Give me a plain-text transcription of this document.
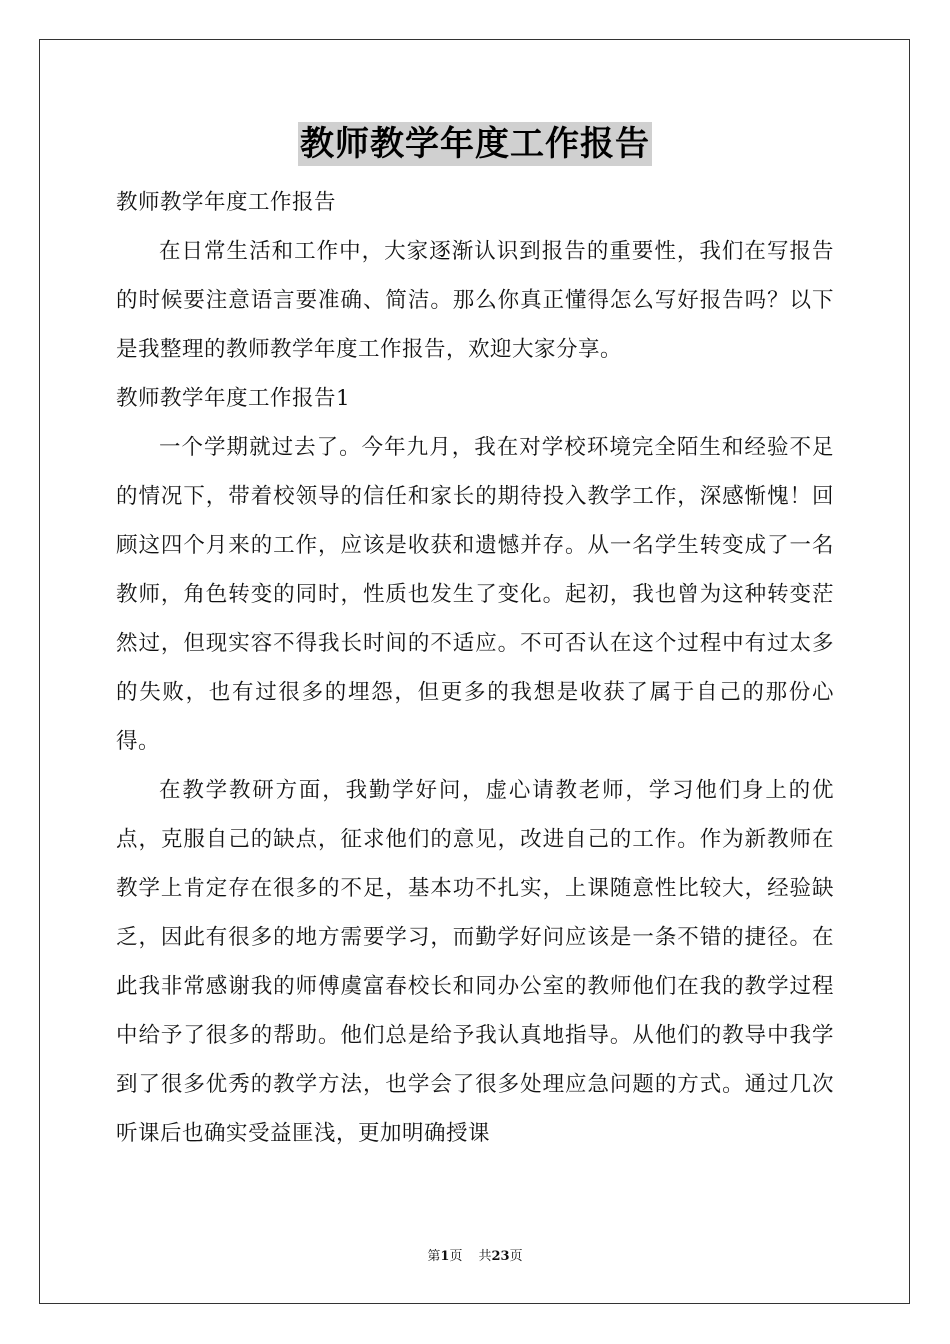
教师教学年度工作报告

教师教学年度工作报告

在日常生活和工作中，大家逐渐认识到报告的重要性，我们在写报告的时候要注意语言要准确、简洁。那么你真正懂得怎么写好报告吗？以下是我整理的教师教学年度工作报告，欢迎大家分享。

教师教学年度工作报告1

一个学期就过去了。今年九月，我在对学校环境完全陌生和经验不足的情况下，带着校领导的信任和家长的期待投入教学工作，深感惭愧！回顾这四个月来的工作，应该是收获和遗憾并存。从一名学生转变成了一名教师，角色转变的同时，性质也发生了变化。起初，我也曾为这种转变茫然过，但现实容不得我长时间的不适应。不可否认在这个过程中有过太多的失败，也有过很多的埋怨，但更多的我想是收获了属于自己的那份心得。

在教学教研方面，我勤学好问，虚心请教老师，学习他们身上的优点，克服自己的缺点，征求他们的意见，改进自己的工作。作为新教师在教学上肯定存在很多的不足，基本功不扎实，上课随意性比较大，经验缺乏，因此有很多的地方需要学习，而勤学好问应该是一条不错的捷径。在此我非常感谢我的师傅虞富春校长和同办公室的教师他们在我的教学过程中给予了很多的帮助。他们总是给予我认真地指导。从他们的教导中我学到了很多优秀的教学方法，也学会了很多处理应急问题的方式。通过几次听课后也确实受益匪浅，更加明确授课

第1页 共23页
